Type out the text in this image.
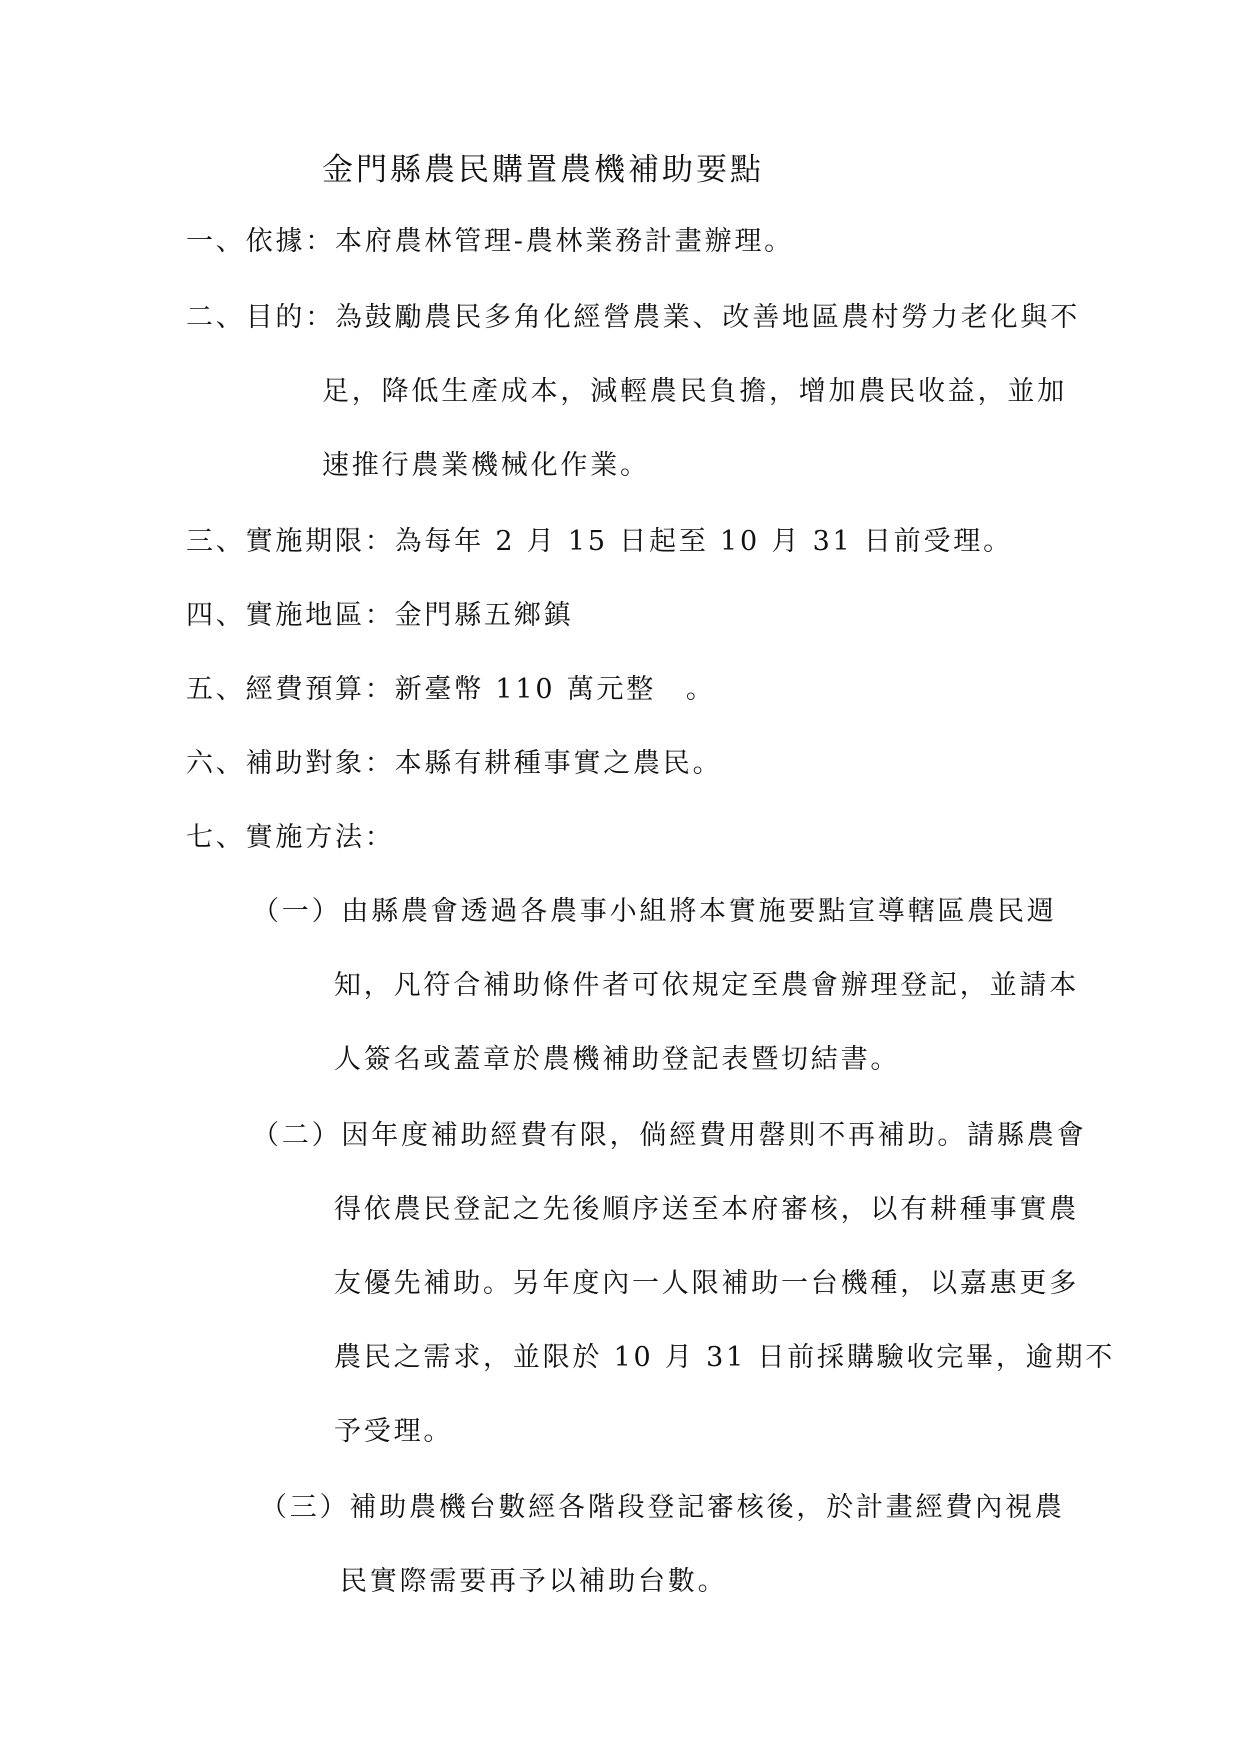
金門縣農民購置農機補助要點
一、依據：本府農林管理-農林業務計畫辦理。
二、目的：為鼓勵農民多角化經營農業、改善地區農村勞力老化與不
足，降低生產成本，減輕農民負擔，增加農民收益，並加
速推行農業機械化作業。
三、實施期限：為每年 2 月 15 日起至 10 月 31 日前受理。
四、實施地區：金門縣五鄉鎮
五、經費預算：新臺幣 110 萬元整　。
六、補助對象：本縣有耕種事實之農民。
七、實施方法：
（一）由縣農會透過各農事小組將本實施要點宣導轄區農民週
知，凡符合補助條件者可依規定至農會辦理登記，並請本
人簽名或蓋章於農機補助登記表暨切結書。
（二）因年度補助經費有限，倘經費用罄則不再補助。請縣農會
得依農民登記之先後順序送至本府審核，以有耕種事實農
友優先補助。另年度內一人限補助一台機種，以嘉惠更多
農民之需求，並限於 10 月 31 日前採購驗收完畢，逾期不
予受理。
（三）補助農機台數經各階段登記審核後，於計畫經費內視農
民實際需要再予以補助台數。
